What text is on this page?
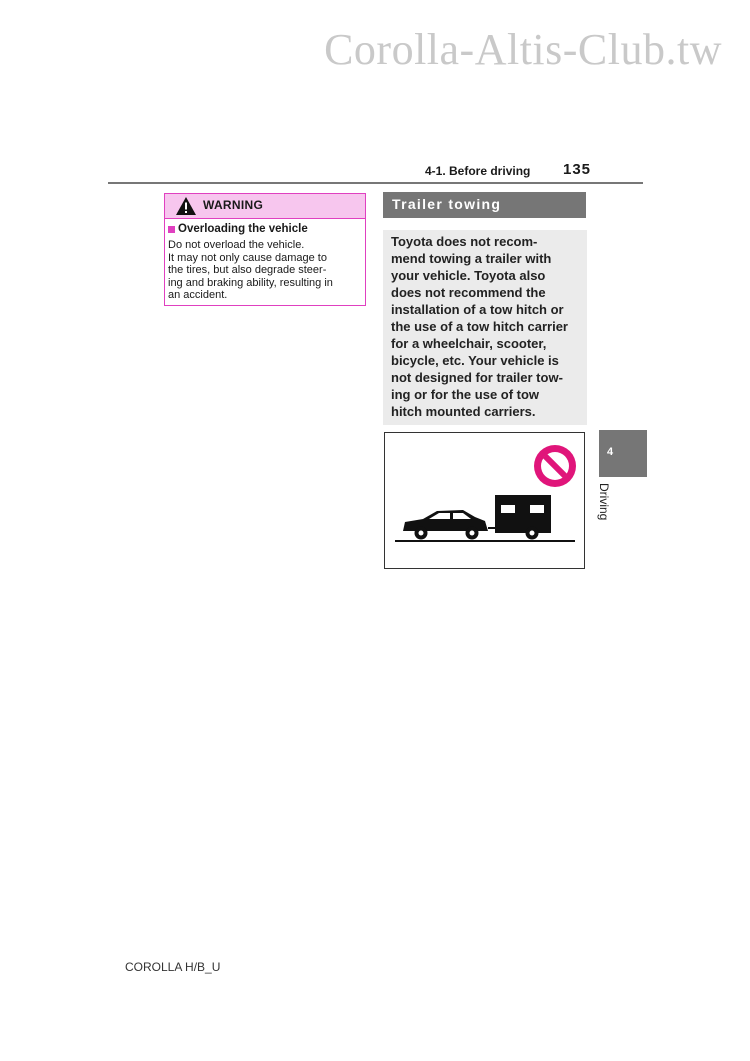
Corolla-Altis-Club.tw
4-1. Before driving 135
WARNING
Overloading the vehicle

Do not overload the vehicle.

It may not only cause damage to

the tires, but also degrade steer-

ing and braking ability, resulting in

an accident.

Trailer towing

Toyota does not recom-

mend towing a trailer with

your vehicle. Toyota also

does not recommend the

installation of a tow hitch or

the use of a tow hitch carrier

for a wheelchair, scooter,

bicycle, etc. Your vehicle is

not designed for trailer tow-

ing or for the use of tow

hitch mounted carriers.

4
Driving
COROLLA H/B_U
